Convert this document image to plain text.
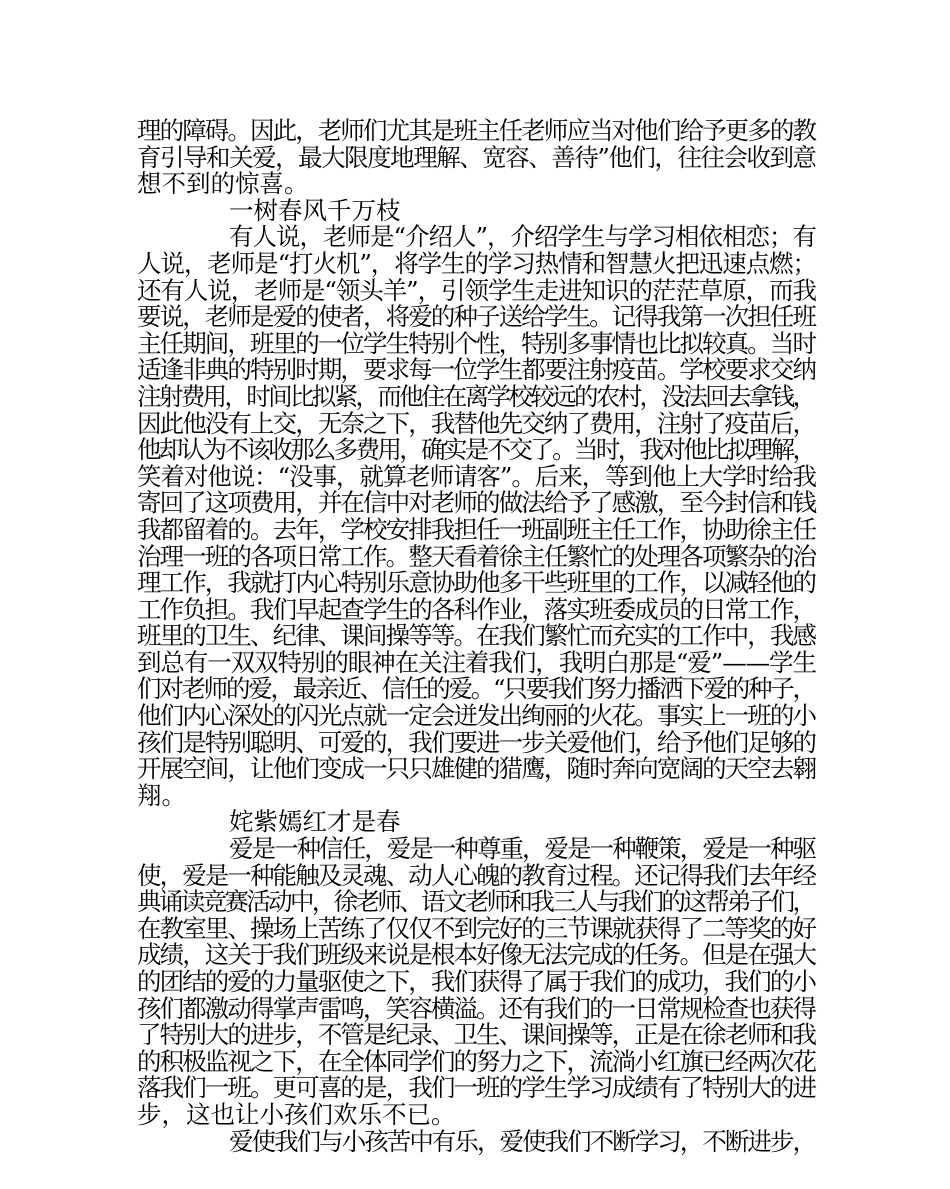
理的障碍。因此，老师们尤其是班主任老师应当对他们给予更多的教
育引导和关爱，最大限度地理解、宽容、善待”他们，往往会收到意
想不到的惊喜。
一树春风千万枝
有人说，老师是“介绍人”，介绍学生与学习相依相恋；有
人说，老师是“打火机”，将学生的学习热情和智慧火把迅速点燃；
还有人说，老师是“领头羊”，引领学生走进知识的茫茫草原，而我
要说，老师是爱的使者，将爱的种子送给学生。记得我第一次担任班
主任期间，班里的一位学生特别个性，特别多事情也比拟较真。当时
适逢非典的特别时期，要求每一位学生都要注射疫苗。学校要求交纳
注射费用，时间比拟紧，而他住在离学校较远的农村，没法回去拿钱，
因此他没有上交，无奈之下，我替他先交纳了费用，注射了疫苗后，
他却认为不该收那么多费用，确实是不交了。当时，我对他比拟理解，
笑着对他说：“没事，就算老师请客”。后来，等到他上大学时给我
寄回了这项费用，并在信中对老师的做法给予了感激，至今封信和钱
我都留着的。去年，学校安排我担任一班副班主任工作，协助徐主任
治理一班的各项日常工作。整天看着徐主任繁忙的处理各项繁杂的治
理工作，我就打内心特别乐意协助他多干些班里的工作，以减轻他的
工作负担。我们早起查学生的各科作业，落实班委成员的日常工作，
班里的卫生、纪律、课间操等等。在我们繁忙而充实的工作中，我感
到总有一双双特别的眼神在关注着我们，我明白那是“爱”——学生
们对老师的爱，最亲近、信任的爱。“只要我们努力播洒下爱的种子，
他们内心深处的闪光点就一定会迸发出绚丽的火花。事实上一班的小
孩们是特别聪明、可爱的，我们要进一步关爱他们，给予他们足够的
开展空间，让他们变成一只只雄健的猎鹰，随时奔向宽阔的天空去翱
翔。
姹紫嫣红才是春
爱是一种信任，爱是一种尊重，爱是一种鞭策，爱是一种驱
使，爱是一种能触及灵魂、动人心魄的教育过程。还记得我们去年经
典诵读竞赛活动中，徐老师、语文老师和我三人与我们的这帮弟子们，
在教室里、操场上苦练了仅仅不到完好的三节课就获得了二等奖的好
成绩，这关于我们班级来说是根本好像无法完成的任务。但是在强大
的团结的爱的力量驱使之下，我们获得了属于我们的成功，我们的小
孩们都激动得掌声雷鸣，笑容横溢。还有我们的一日常规检查也获得
了特别大的进步，不管是纪录、卫生、课间操等，正是在徐老师和我
的积极监视之下，在全体同学们的努力之下，流淌小红旗已经两次花
落我们一班。更可喜的是，我们一班的学生学习成绩有了特别大的进
步，这也让小孩们欢乐不已。
爱使我们与小孩苦中有乐，爱使我们不断学习，不断进步，
